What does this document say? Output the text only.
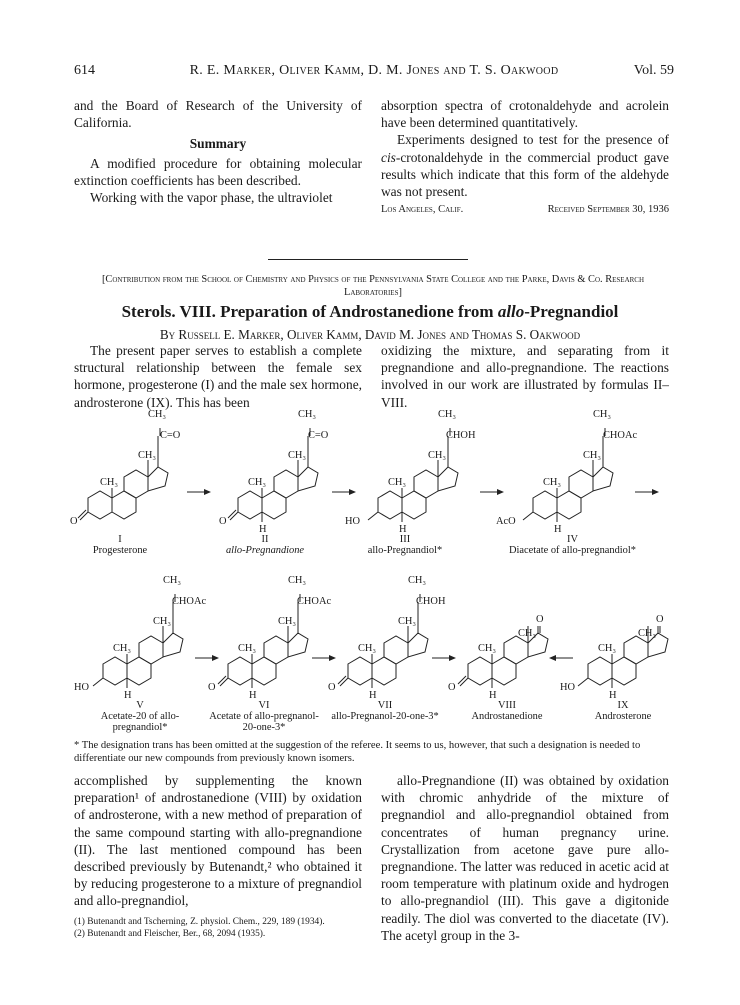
614	R. E. Marker, Oliver Kamm, D. M. Jones and T. S. Oakwood	Vol. 59

and the Board of Research of the University of California.

Summary

A modified procedure for obtaining molecular extinction coefficients has been described.

Working with the vapor phase, the ultraviolet

absorption spectra of crotonaldehyde and acrolein have been determined quantitatively.

Experiments designed to test for the presence of cis-crotonaldehyde in the commercial product gave results which indicate that this form of the aldehyde was not present.

Los Angeles, Calif.	Received September 30, 1936
[Contribution from the School of Chemistry and Physics of the Pennsylvania State College and the Parke, Davis & Co. Research Laboratories]
Sterols. VIII. Preparation of Androstanedione from allo-Pregnandiol
By Russell E. Marker, Oliver Kamm, David M. Jones and Thomas S. Oakwood
The present paper serves to establish a complete structural relationship between the female sex hormone, progesterone (I) and the male sex hormone, androsterone (IX). This has been
oxidizing the mixture, and separating from it pregnandione and allo-pregnandione. The reactions involved in our work are illustrated by formulas II–VIII.
CH₃
C=O
CH₃
CH₃
O
CH₃
C=O
CH₃
CH₃
O
H
CH₃
CHOH
CH₃
CH₃
HO
H
CH₃
CHOAc
CH₃
CH₃
AcO
H
I
Progesterone
II
allo-Pregnandione
III
allo-Pregnandiol*
IV
Diacetate of allo-pregnandiol*
CH₃
CHOAc
CH₃
CH₃
HO
H
CH₃
CHOAc
CH₃
CH₃
O
H
CH₃
CHOH
CH₃
CH₃
O
H
O
CH₃
CH₃
O
H
O
CH₃
CH₃
HO
H
V
Acetate-20 of allo-pregnandiol*
VI
Acetate of allo-pregnanol-20-one-3*
VII
allo-Pregnanol-20-one-3*
VIII
Androstanedione
IX
Androsterone
* The designation trans has been omitted at the suggestion of the referee. It seems to us, however, that such a designation is needed to differentiate our new compounds from previously known isomers.

accomplished by supplementing the known preparation¹ of androstanedione (VIII) by oxidation of androsterone, with a new method of preparation of the same compound starting with allo-pregnandione (II). The last mentioned compound has been described previously by Butenandt,² who obtained it by reducing progesterone to a mixture of pregnandiol and allo-pregnandiol,

(1) Butenandt and Tscherning, Z. physiol. Chem., 229, 189 (1934).
(2) Butenandt and Fleischer, Ber., 68, 2094 (1935).
allo-Pregnandione (II) was obtained by oxidation with chromic anhydride of the mixture of pregnandiol and allo-pregnandiol obtained from concentrates of human pregnancy urine. Crystallization from acetone gave pure allo-pregnandione. The latter was reduced in acetic acid at room temperature with platinum oxide and hydrogen to allo-pregnandiol (III). This gave a digitonide readily. The diol was converted to the diacetate (IV). The acetyl group in the 3-
